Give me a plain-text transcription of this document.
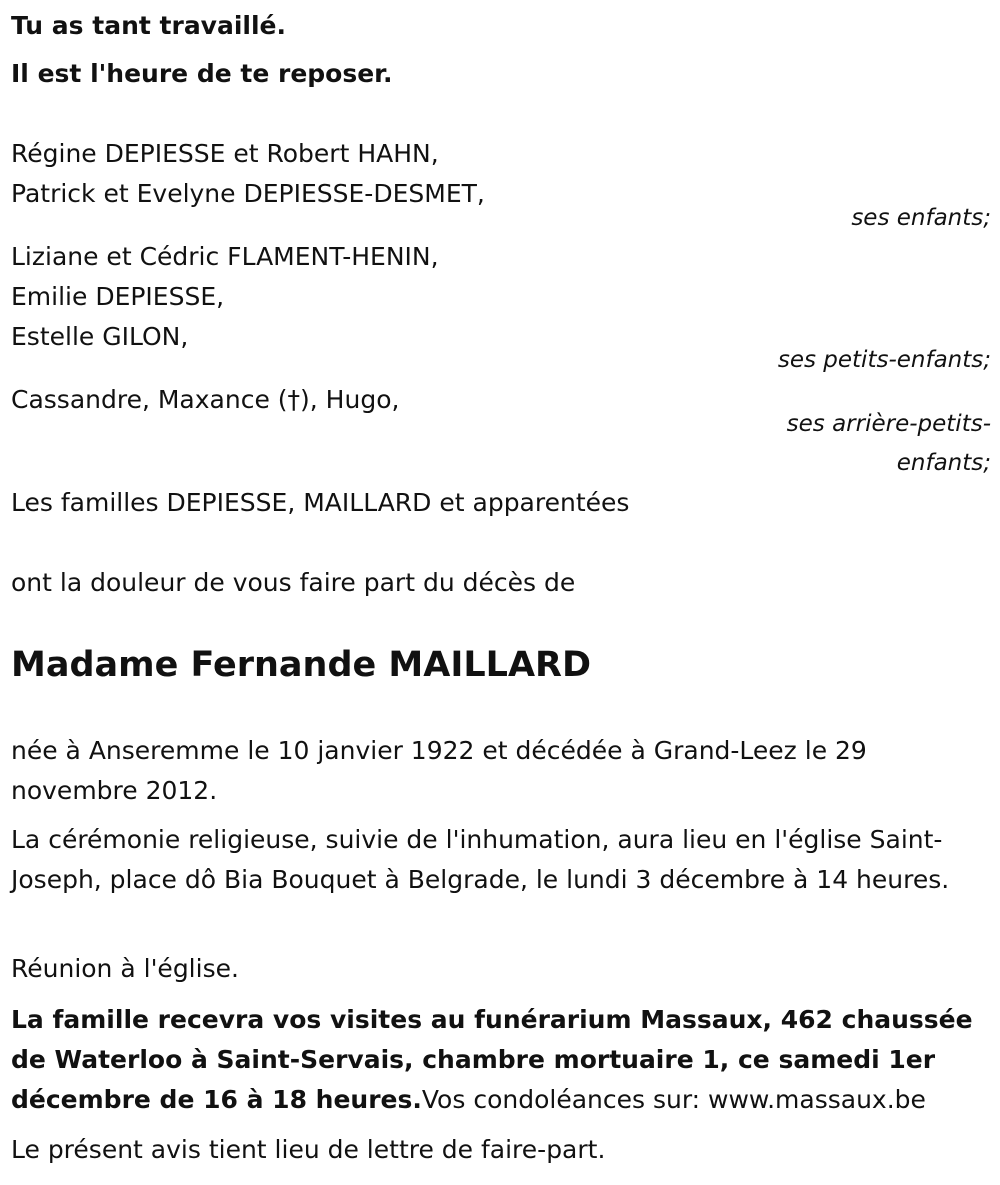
Tu as tant travaillé.
Il est l'heure de te reposer.
Régine DEPIESSE et Robert HAHN,
Patrick et Evelyne DEPIESSE-DESMET,
ses enfants;
Liziane et Cédric FLAMENT-HENIN,
Emilie DEPIESSE,
Estelle GILON,
ses petits-enfants;
Cassandre, Maxance (†), Hugo,
ses arrière-petits-
enfants;
Les familles DEPIESSE, MAILLARD et apparentées
ont la douleur de vous faire part du décès de
Madame Fernande MAILLARD
née à Anseremme le 10 janvier 1922 et décédée à Grand-Leez le 29 novembre 2012.
La cérémonie religieuse, suivie de l'inhumation, aura lieu en l'église Saint-Joseph, place dô Bia Bouquet à Belgrade, le lundi 3 décembre à 14 heures.
Réunion à l'église.
La famille recevra vos visites au funérarium Massaux, 462 chaussée de Waterloo à Saint-Servais, chambre mortuaire 1, ce samedi 1er décembre de 16 à 18 heures.Vos condoléances sur: www.massaux.be
Le présent avis tient lieu de lettre de faire-part.
